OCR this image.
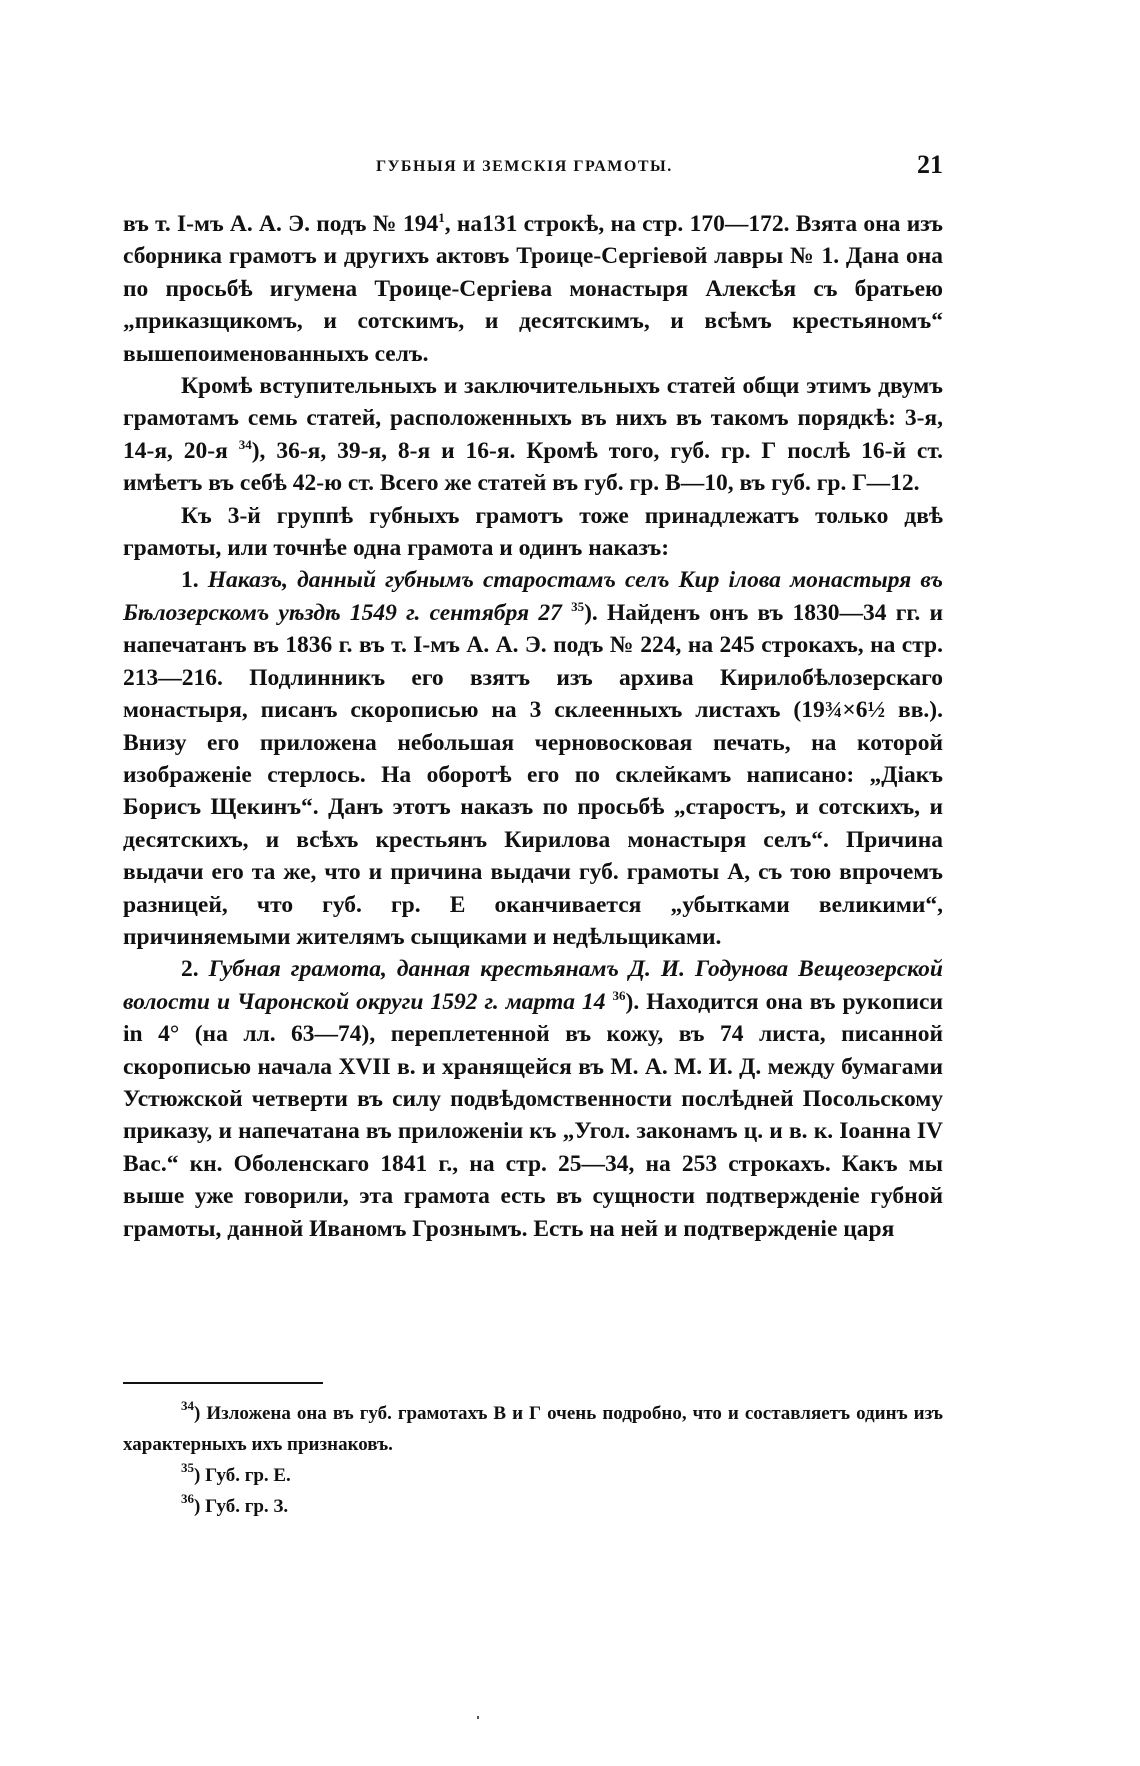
ГУБНЫЯ И ЗЕМСКІЯ ГРАМОТЫ.	21

въ т. І-мъ А. А. Э. подъ № $194^1$, на131 строкѣ, на стр. 170—172. Взята она изъ сборника грамотъ и другихъ актовъ Троице-Сергіевой лавры № 1. Дана она по просьбѣ игумена Троице-Сергіева монастыря Алексѣя съ братьею „приказщикомъ, и сотскимъ, и десятскимъ, и всѣмъ крестьяномъ“ вышепоименованныхъ селъ.

Кромѣ вступительныхъ и заключительныхъ статей общи этимъ двумъ грамотамъ семь статей, расположенныхъ въ нихъ въ такомъ порядкѣ: 3-я, 14-я, 20-я $^{34}$), 36-я, 39-я, 8-я и 16-я. Кромѣ того, губ. гр. Г послѣ 16-й ст. имѣетъ въ себѣ 42-ю ст. Всего же статей въ губ. гр. В—10, въ губ. гр. Г—12.

Къ 3-й группѣ губныхъ грамотъ тоже принадлежатъ только двѣ грамоты, или точнѣе одна грамота и одинъ наказъ:

1. Наказъ, данный губнымъ старостамъ селъ Кир ілова монастыря въ Бѣлозерскомъ уѣздѣ 1549 г. сентября 27 $^{35}$). Найденъ онъ въ 1830—34 гг. и напечатанъ въ 1836 г. въ т. І-мъ А. А. Э. подъ № 224, на 245 строкахъ, на стр. 213—216. Подлинникъ его взятъ изъ архива Кирилобѣлозерскаго монастыря, писанъ скорописью на 3 склеенныхъ листахъ (19¾×6½ вв.). Внизу его приложена небольшая черновосковая печать, на которой изображеніе стерлось. На оборотѣ его по склейкамъ написано: „Діакъ Борисъ Щекинъ“. Данъ этотъ наказъ по просьбѣ „старостъ, и сотскихъ, и десятскихъ, и всѣхъ крестьянъ Кирилова монастыря селъ“. Причина выдачи его та же, что и причина выдачи губ. грамоты А, съ тою впрочемъ разницей, что губ. гр. Е оканчивается „убытками великими“, причиняемыми жителямъ сыщиками и недѣльщиками.

2. Губная грамота, данная крестьянамъ Д. И. Годунова Вещеозерской волости и Чаронской округи 1592 г. марта 14 $^{36}$). Находится она въ рукописи in 4° (на лл. 63—74), переплетенной въ кожу, въ 74 листа, писанной скорописью начала XVII в. и хранящейся въ М. А. М. И. Д. между бумагами Устюжской четверти въ силу подвѣдомственности послѣдней Посольскому приказу, и напечатана въ приложеніи къ „Угол. законамъ ц. и в. к. Іоанна IV Вас.“ кн. Оболенскаго 1841 г., на стр. 25—34, на 253 строкахъ. Какъ мы выше уже говорили, эта грамота есть въ сущности подтвержденіе губной грамоты, данной Иваномъ Грознымъ. Есть на ней и подтвержденіе царя

$^{34}$) Изложена она въ губ. грамотахъ В и Г очень подробно, что и составляетъ одинъ изъ характерныхъ ихъ признаковъ.

$^{35}$) Губ. гр. Е.

$^{36}$) Губ. гр. З.
